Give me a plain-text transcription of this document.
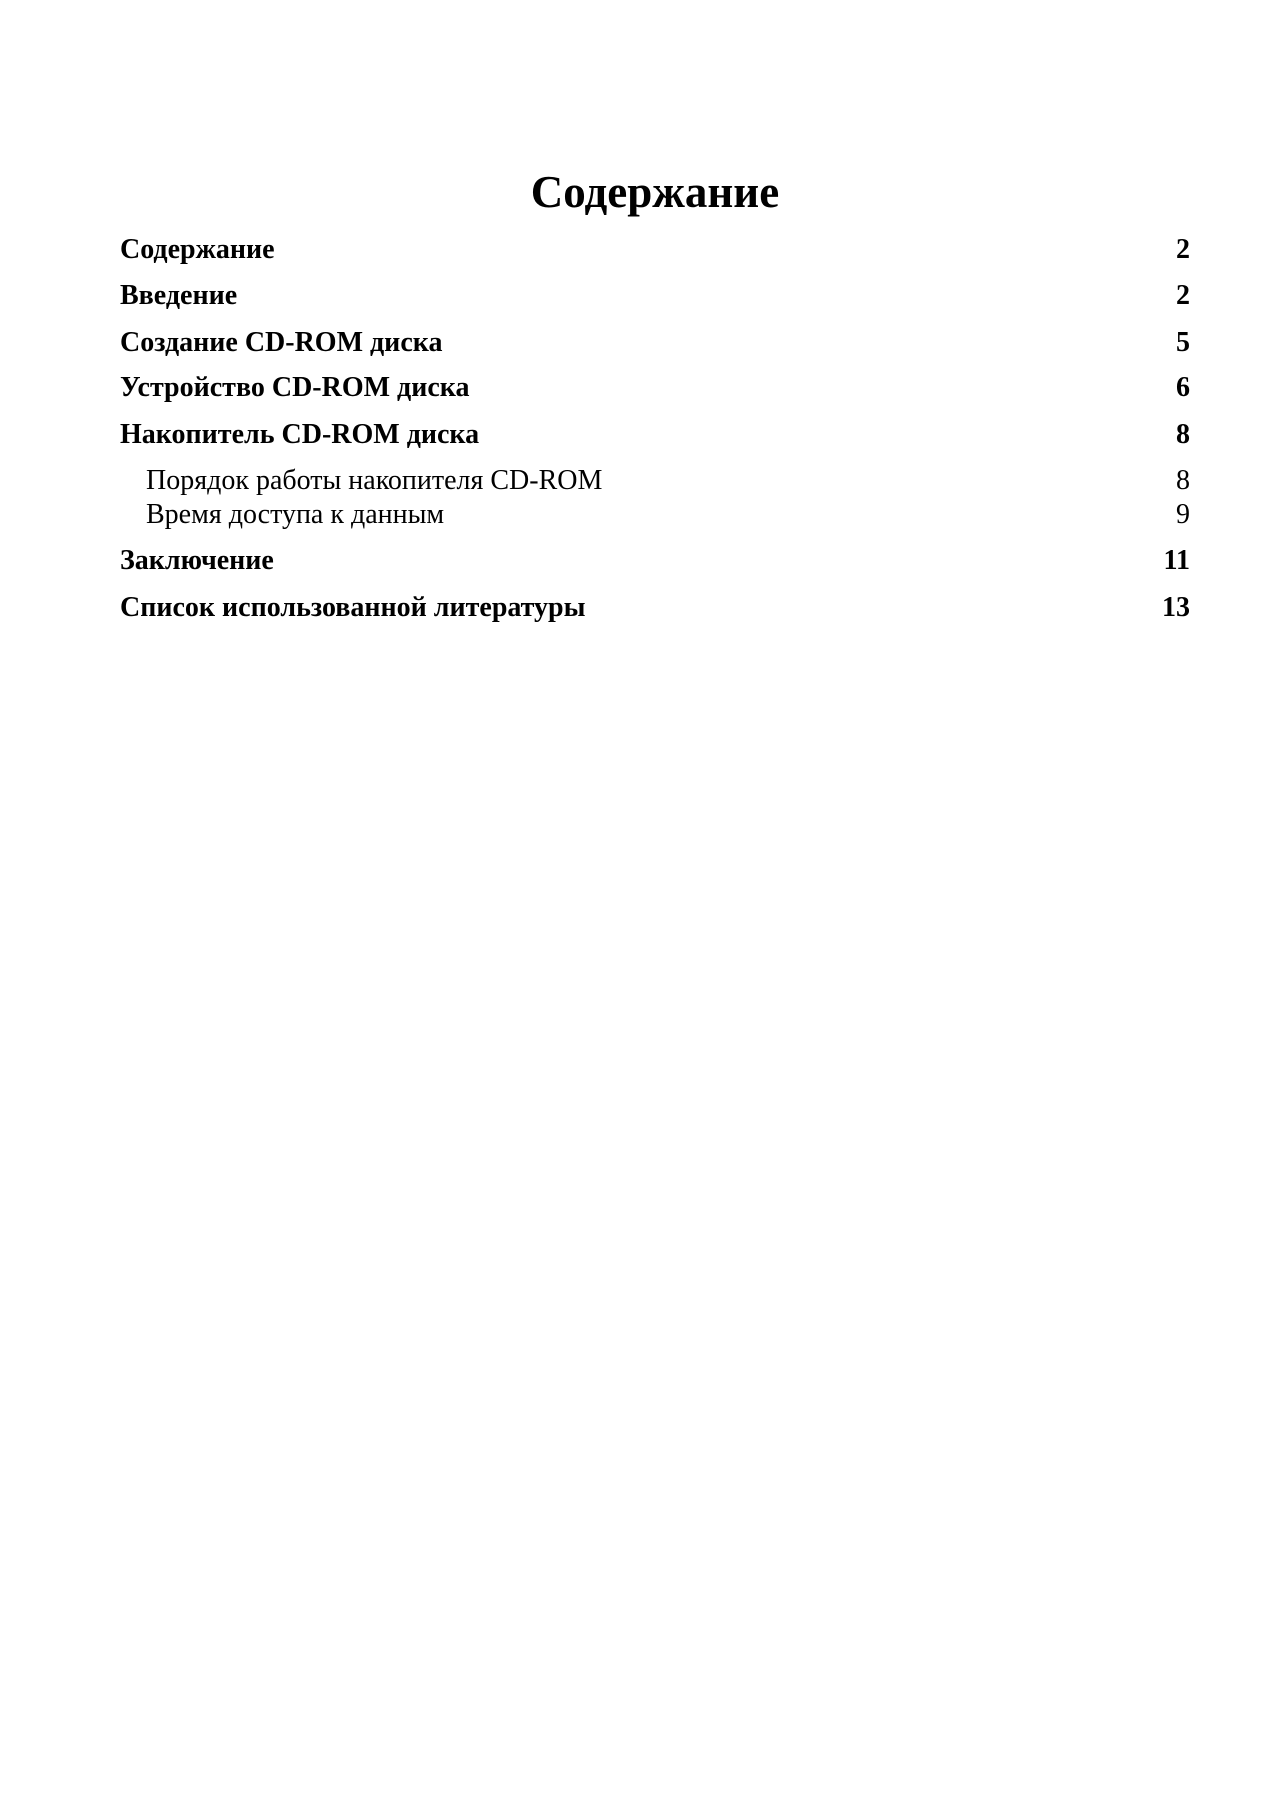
Содержание
Содержание	2
Введение	2
Создание CD-ROM диска	5
Устройство CD-ROM диска	6
Накопитель CD-ROM диска	8
Порядок работы накопителя CD-ROM	8
Время доступа к данным	9
Заключение	11
Список использованной литературы	13
